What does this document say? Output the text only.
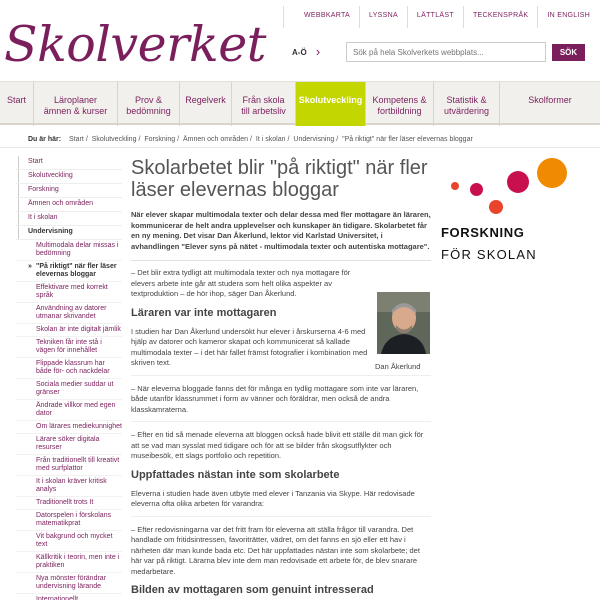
WEBBKARTA	LYSSNA	LÄTTLÄST	TECKENSPRÅK	IN ENGLISH
Skolverket	A-Ö ›
Sök på hela Skolverkets webbplats...	SÖK
Start	Läroplaner
ämnen & kurser
Prov &
bedömning
Regelverk	Från skola
till arbetsliv
Skolutveckling	Kompetens &
fortbildning
Statistik &
utvärdering
Skolformer
Du är här: Start / Skolutveckling / Forskning / Ämnen och områden / It i skolan / Undervisning / "På riktigt" när fler läser elevernas bloggar
Start
Skolutveckling
Forskning
Ämnen och områden
It i skolan
Undervisning
Multimodala delar missas i bedömning
» "På riktigt" när fler läser elevernas bloggar
Effektivare med korrekt språk
Användning av datorer utmanar skrivandet
Skolan är inte digitalt jämlik
Tekniken får inte stå i vägen för innehållet
Flippade klassrum har både för- och nackdelar
Sociala medier suddar ut gränser
Ändrade villkor med egen dator
Om lärares mediekunnighet
Lärare söker digitala resurser
Från traditionellt till kreativt med surfplattor
It i skolan kräver kritisk analys
Traditionellt trots It
Datorspelen i förskolans matematikprat
Vit bakgrund och mycket text
Källkritik i teorin, men inte i praktiken
Nya mönster förändrar undervisning lärande
Internationellt
Skolarbetet blir "på riktigt" när fler läser elevernas bloggar

När elever skapar multimodala texter och delar dessa med fler mottagare än läraren, kommunicerar de helt andra upplevelser och kunskaper än tidigare. Skolarbetet får en ny mening. Det visar Dan Åkerlund, lektor vid Karlstad Universitet, i avhandlingen "Elever syns på nätet - multimodala texter och autentiska mottagare".

– Det blir extra tydligt att multimodala texter och nya mottagare för elevers arbete inte går att studera som helt olika aspekter av textproduktion – de hör ihop, säger Dan Åkerlund.

Läraren var inte mottagaren

I studien har Dan Åkerlund undersökt hur elever i årskurserna 4-6 med hjälp av datorer och kameror skapat och kommunicerat så kallade multimodala texter – i det här fallet främst fotografier i kombination med skriven text.

– När eleverna bloggade fanns det för många en tydlig mottagare som inte var läraren, både utanför klassrummet i form av vänner och föräldrar, men också de andra klasskamraterna.

– Efter en tid så menade eleverna att bloggen också hade blivit ett ställe dit man gick för att se vad man sysslat med tidigare och för att se bilder från skogsutflykter och museibesök, ett slags portfolio och repetition.

Uppfattades nästan inte som skolarbete

Eleverna i studien hade även utbyte med elever i Tanzania via Skype. Här redovisade eleverna ofta olika arbeten för varandra:

– Efter redovisningarna var det fritt fram för eleverna att ställa frågor till varandra. Det handlade om fritidsintressen, favoriträtter, vädret, om det fanns en sjö eller ett hav i närheten där man kunde bada etc. Det här uppfattades nästan inte som skolarbete; det här var på riktigt. Lärarna blev inte dem man redovisade ett arbete för, de blev snarare medarbetare.

Bilden av mottagaren som genuint intresserad
Dan Åkerlund
FORSKNING
FÖR SKOLAN
